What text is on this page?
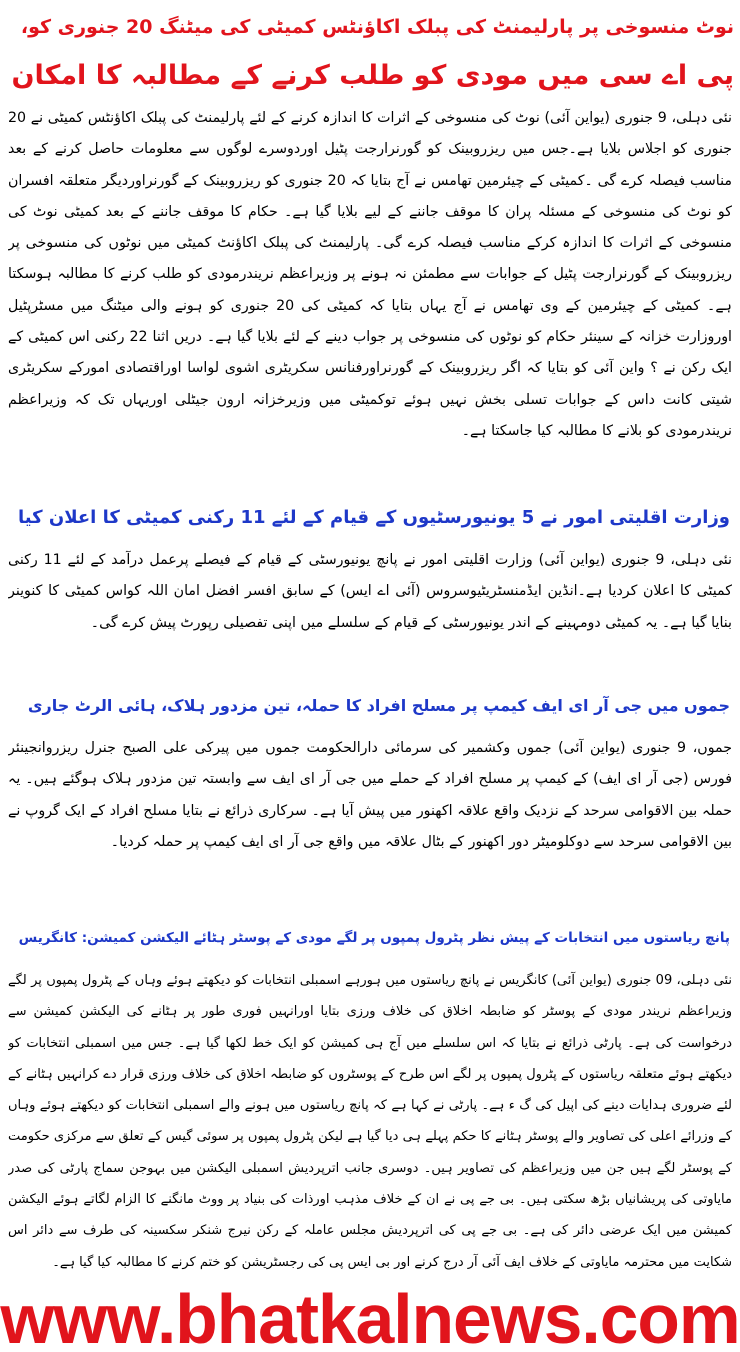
نوٹ منسوخی پر پارلیمنٹ کی پبلک اکاؤنٹس کمیٹی کی میٹنگ 20 جنوری کو،
پی اے سی میں مودی کو طلب کرنے کے مطالبہ کا امکان
نئی دہلی، 9 جنوری (یواین آئی) نوٹ کی منسوخی کے اثرات کا اندازہ کرنے کے لئے پارلیمنٹ کی پبلک اکاؤنٹس کمیٹی نے 20 جنوری کو اجلاس بلایا ہے۔جس میں ریزروبینک کو گورنرارجت پٹیل اوردوسرے لوگوں سے معلومات حاصل کرنے کے بعد مناسب فیصلہ کرے گی ۔کمیٹی کے چیئرمین تھامس نے آج بتایا کہ 20 جنوری کو ریزروبینک کے گورنراوردیگر متعلقہ افسران کو نوٹ کی منسوخی کے مسئلہ پران کا موقف جاننے کے لیے بلایا گیا ہے۔ حکام کا موقف جاننے کے بعد کمیٹی نوٹ کی منسوخی کے اثرات کا اندازہ کرکے مناسب فیصلہ کرے گی۔ پارلیمنٹ کی پبلک اکاؤنٹ کمیٹی میں نوٹوں کی منسوخی پر ریزروبینک کے گورنرارجت پٹیل کے جوابات سے مطمئن نہ ہونے پر وزیراعظم نریندرمودی کو طلب کرنے کا مطالبہ ہوسکتا ہے۔ کمیٹی کے چیئرمین کے وی تھامس نے آج یہاں بتایا کہ کمیٹی کی 20 جنوری کو ہونے والی میٹنگ میں مسٹرپٹیل اوروزارت خزانہ کے سینئر حکام کو نوٹوں کی منسوخی پر جواب دینے کے لئے بلایا گیا ہے۔ دریں اثنا 22 رکنی اس کمیٹی کے ایک رکن نے ؟ واین آئی کو بتایا کہ اگر ریزروبینک کے گورنراورفنانس سکریٹری اشوی لواسا اوراقتصادی امورکے سکریٹری شیتی کانت داس کے جوابات تسلی بخش نہیں ہوئے توکمیٹی میں وزیرخزانہ ارون جیٹلی اوریہاں تک کہ وزیراعظم نریندرمودی کو بلانے کا مطالبہ کیا جاسکتا ہے۔
وزارت اقلیتی امور نے 5 یونیورسٹیوں کے قیام کے لئے 11 رکنی کمیٹی کا اعلان کیا
نئی دہلی، 9 جنوری (یواین آئی) وزارت اقلیتی امور نے پانچ یونیورسٹی کے قیام کے فیصلے پرعمل درآمد کے لئے 11 رکنی کمیٹی کا اعلان کردیا ہے۔انڈین ایڈمنسٹریٹیوسروس (آئی اے ایس) کے سابق افسر افضل امان اللہ کواس کمیٹی کا کنوینر بنایا گیا ہے۔ یہ کمیٹی دومہینے کے اندر یونیورسٹی کے قیام کے سلسلے میں اپنی تفصیلی رپورٹ پیش کرے گی۔
جموں میں جی آر ای ایف کیمپ پر مسلح افراد کا حملہ، تین مزدور ہلاک، ہائی الرٹ جاری
جموں، 9 جنوری (یواین آئی) جموں وکشمیر کی سرمائی دارالحکومت جموں میں پیرکی علی الصبح جنرل ریزروانجینئر فورس (جی آر ای ایف) کے کیمپ پر مسلح افراد کے حملے میں جی آر ای ایف سے وابستہ تین مزدور ہلاک ہوگئے ہیں۔ یہ حملہ بین الاقوامی سرحد کے نزدیک واقع علاقہ اکھنور میں پیش آیا ہے۔ سرکاری ذرائع نے بتایا مسلح افراد کے ایک گروپ نے بین الاقوامی سرحد سے دوکلومیٹر دور اکھنور کے بٹال علاقہ میں واقع جی آر ای ایف کیمپ پر حملہ کردیا۔
پانچ ریاستوں میں انتخابات کے پیش نظر پٹرول پمپوں پر لگے مودی کے پوسٹر ہٹائے الیکشن کمیشن: کانگریس
نئی دہلی، 09 جنوری (یواین آئی) کانگریس نے پانچ ریاستوں میں ہورہے اسمبلی انتخابات کو دیکھتے ہوئے وہاں کے پٹرول پمپوں پر لگے وزیراعظم نریندر مودی کے پوسٹر کو ضابطہ اخلاق کی خلاف ورزی بتایا اورانہیں فوری طور پر ہٹانے کی الیکشن کمیشن سے درخواست کی ہے۔ پارٹی ذرائع نے بتایا کہ اس سلسلے میں آج ہی کمیشن کو ایک خط لکھا گیا ہے۔ جس میں اسمبلی انتخابات کو دیکھتے ہوئے متعلقہ ریاستوں کے پٹرول پمپوں پر لگے اس طرح کے پوسٹروں کو ضابطہ اخلاق کی خلاف ورزی قرار دے کرانہیں ہٹانے کے لئے ضروری ہدایات دینے کی اپیل کی گ ء ہے۔ پارٹی نے کہا ہے کہ پانچ ریاستوں میں ہونے والے اسمبلی انتخابات کو دیکھتے ہوئے وہاں کے وزرائے اعلی کی تصاویر والے پوسٹر ہٹانے کا حکم پہلے ہی دیا گیا ہے لیکن پٹرول پمپوں پر سوئی گیس کے تعلق سے مرکزی حکومت کے پوسٹر لگے ہیں جن میں وزیراعظم کی تصاویر ہیں۔ دوسری جانب اترپردیش اسمبلی الیکشن میں بہوجن سماج پارٹی کی صدر مایاوتی کی پریشانیاں بڑھ سکتی ہیں۔ بی جے پی نے ان کے خلاف مذہب اورذات کی بنیاد پر ووٹ مانگنے کا الزام لگاتے ہوئے الیکشن کمیشن میں ایک عرضی دائر کی ہے۔ بی جے پی کی اترپردیش مجلس عاملہ کے رکن نیرج شنکر سکسینہ کی طرف سے دائر اس شکایت میں محترمہ مایاوتی کے خلاف ایف آئی آر درج کرنے اور بی ایس پی کی رجسٹریشن کو ختم کرنے کا مطالبہ کیا گیا ہے۔
www.bhatkalnews.com
